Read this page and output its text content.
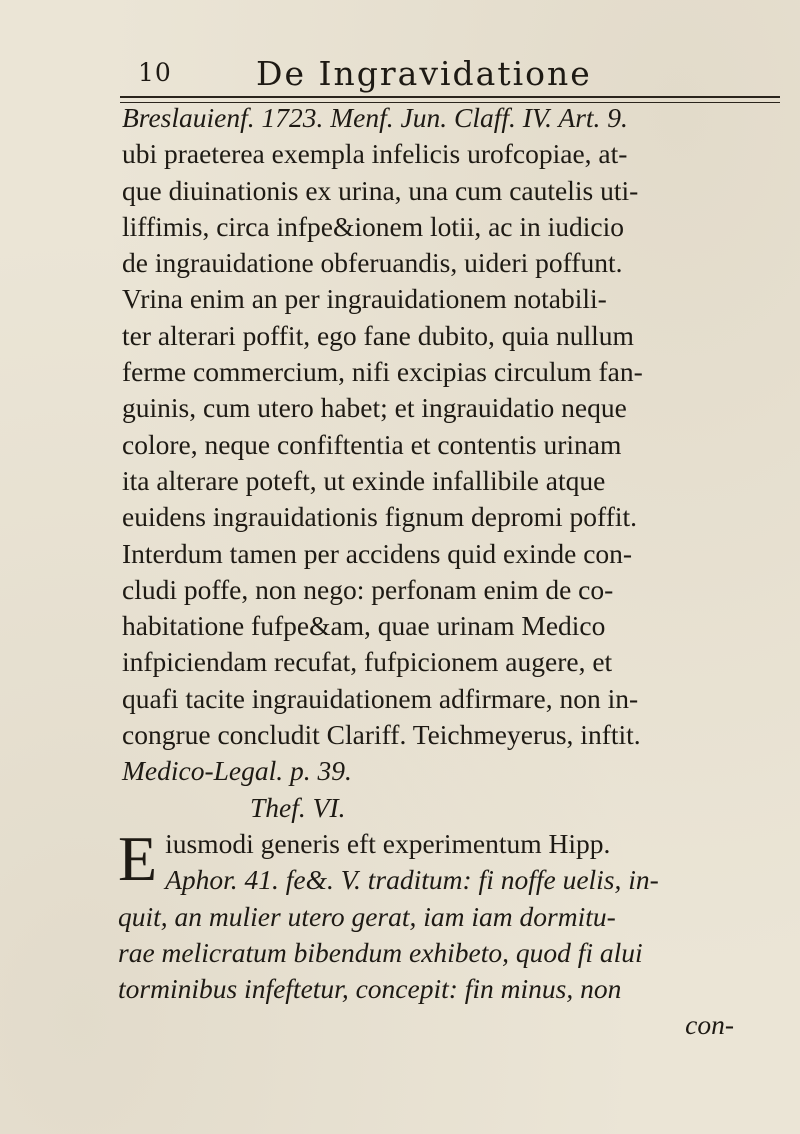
10	De Ingravidatione
Breslauienf. 1723. Menf. Jun. Claff. IV. Art. 9.
ubi praeterea exempla infelicis urofcopiae, at-
que diuinationis ex urina, una cum cautelis uti-
liffimis, circa infpe&ionem lotii, ac in iudicio
de ingrauidatione obferuandis, uideri poffunt.
Vrina enim an per ingrauidationem notabili-
ter alterari poffit, ego fane dubito, quia nullum
ferme commercium, nifi excipias circulum fan-
guinis, cum utero habet; et ingrauidatio neque
colore, neque confiftentia et contentis urinam
ita alterare poteft, ut exinde infallibile atque
euidens ingrauidationis fignum depromi poffit.
Interdum tamen per accidens quid exinde con-
cludi poffe, non nego: perfonam enim de co-
habitatione fufpe&am, quae urinam Medico
infpiciendam recufat, fufpicionem augere, et
quafi tacite ingrauidationem adfirmare, non in-
congrue concludit Clariff. Teichmeyerus, inftit.
Medico-Legal. p. 39.
Thef. VI.
E iusmodi generis eft experimentum Hipp.
Aphor. 41. fe&. V. traditum: fi noffe uelis, in-
quit, an mulier utero gerat, iam iam dormitu-
rae melicratum bibendum exhibeto, quod fi alui
torminibus infeftetur, concepit: fin minus, non
con-
